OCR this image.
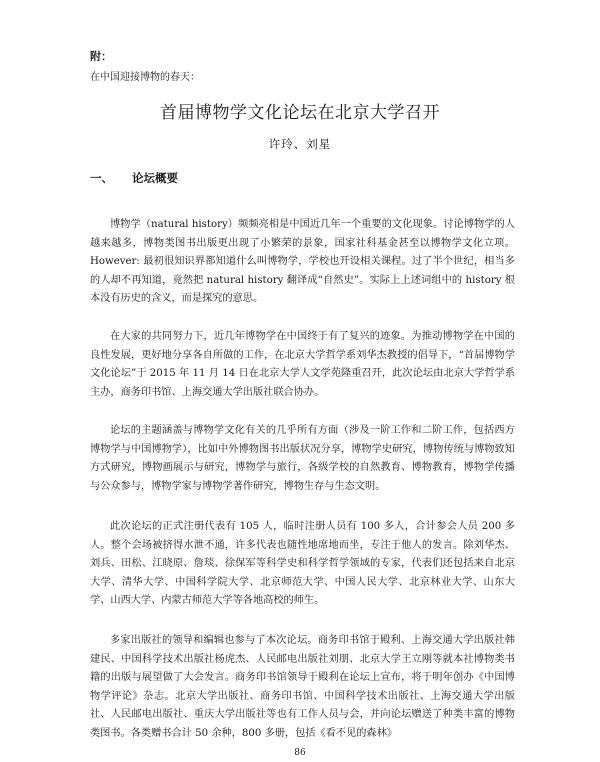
附：
在中国迎接博物的春天：
首届博物学文化论坛在北京大学召开
许玲、刘星
一、 论坛概要

博物学（natural history）频频亮相是中国近几年一个重要的文化现象。讨论博物学的人越来越多，博物类图书出版更出现了小繁荣的景象，国家社科基金甚至以博物学文化立项。However: 最初很知识界都知道什么叫博物学，学校也开设相关课程。过了半个世纪，相当多的人却不再知道，竟然把 natural history 翻译成“自然史”。实际上上述词组中的 history 根本没有历史的含义，而是探究的意思。

在大家的共同努力下，近几年博物学在中国终于有了复兴的迹象。为推动博物学在中国的良性发展，更好地分享各自所做的工作，在北京大学哲学系刘华杰教授的倡导下，“首届博物学文化论坛”于 2015 年 11 月 14 日在北京大学人文学苑隆重召开，此次论坛由北京大学哲学系主办，商务印书馆、上海交通大学出版社联合协办。

论坛的主题涵盖与博物学文化有关的几乎所有方面（涉及一阶工作和二阶工作，包括西方博物学与中国博物学），比如中外博物图书出版状况分享，博物学史研究，博物传统与博物致知方式研究，博物画展示与研究，博物学与旅行，各级学校的自然教育、博物教育，博物学传播与公众参与，博物学家与博物学著作研究，博物生存与生态文明。

此次论坛的正式注册代表有 105 人，临时注册人员有 100 多人，合计参会人员 200 多人。整个会场被挤得水泄不通，许多代表也随性地席地而坐，专注于他人的发言。除刘华杰、刘兵、田松、江晓原、詹琰、徐保军等科学史和科学哲学领域的专家，代表们还包括来自北京大学、清华大学、中国科学院大学、北京师范大学、中国人民大学、北京林业大学、山东大学、山西大学、内蒙古师范大学等各地高校的师生。

多家出版社的领导和编辑也参与了本次论坛。商务印书馆于殿利、上海交通大学出版社韩建民、中国科学技术出版社杨虎杰、人民邮电出版社刘朋、北京大学王立刚等就本社博物类书籍的出版与展望做了大会发言。商务印书馆领导于殿利在论坛上宣布，将于明年创办《中国博物学评论》杂志。北京大学出版社、商务印书馆、中国科学技术出版社、上海交通大学出版社、人民邮电出版社、重庆大学出版社等也有工作人员与会，并向论坛赠送了种类丰富的博物类图书。各类赠书合计 50 余种，800 多册，包括《看不见的森林》

86
